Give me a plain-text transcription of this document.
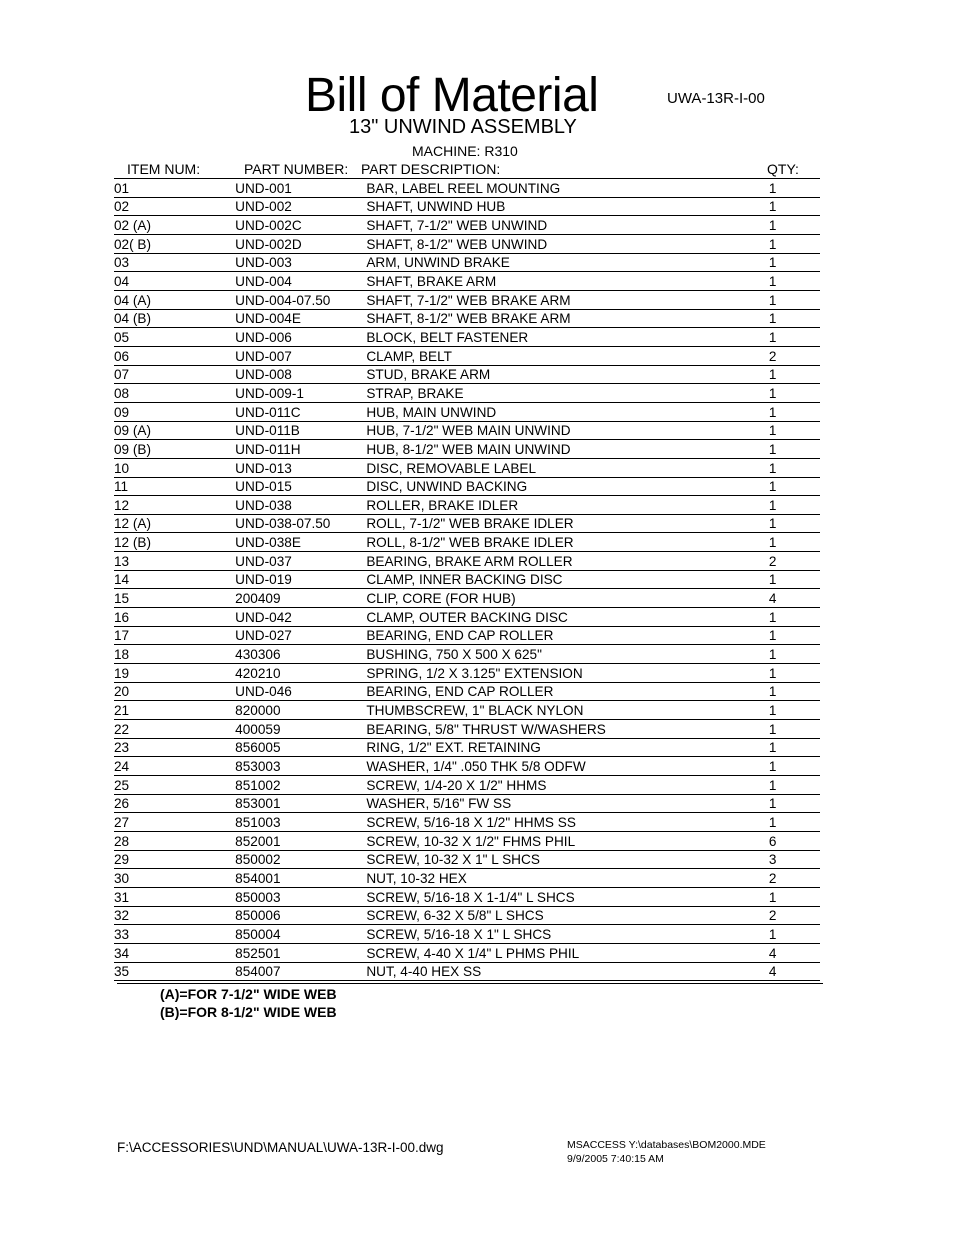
Bill of Material	UWA-13R-I-00
13" UNWIND ASSEMBLY
MACHINE: R310
ITEM NUM:	PART NUMBER: PART DESCRIPTION:	QTY:
01	UND-001	BAR, LABEL REEL MOUNTING	1
02	UND-002	SHAFT, UNWIND HUB	1
02 (A)	UND-002C	SHAFT, 7-1/2" WEB UNWIND	1
02( B)	UND-002D	SHAFT, 8-1/2" WEB UNWIND	1
03	UND-003	ARM, UNWIND BRAKE	1
04	UND-004	SHAFT, BRAKE ARM	1
04 (A)	UND-004-07.50	SHAFT, 7-1/2" WEB BRAKE ARM	1
04 (B)	UND-004E	SHAFT, 8-1/2" WEB BRAKE ARM	1
05	UND-006	BLOCK, BELT FASTENER	1
06	UND-007	CLAMP, BELT	2
07	UND-008	STUD, BRAKE ARM	1
08	UND-009-1	STRAP, BRAKE	1
09	UND-011C	HUB, MAIN UNWIND	1
09 (A)	UND-011B	HUB, 7-1/2" WEB MAIN UNWIND	1
09 (B)	UND-011H	HUB, 8-1/2" WEB MAIN UNWIND	1
10	UND-013	DISC, REMOVABLE LABEL	1
11	UND-015	DISC, UNWIND BACKING	1
12	UND-038	ROLLER, BRAKE IDLER	1
12 (A)	UND-038-07.50	ROLL, 7-1/2" WEB BRAKE IDLER	1
12 (B)	UND-038E	ROLL, 8-1/2" WEB BRAKE IDLER	1
13	UND-037	BEARING, BRAKE ARM ROLLER	2
14	UND-019	CLAMP, INNER BACKING DISC	1
15	200409	CLIP, CORE (FOR HUB)	4
16	UND-042	CLAMP, OUTER BACKING DISC	1
17	UND-027	BEARING, END CAP ROLLER	1
18	430306	BUSHING, 750 X 500 X 625"	1
19	420210	SPRING, 1/2 X 3.125" EXTENSION	1
20	UND-046	BEARING, END CAP ROLLER	1
21	820000	THUMBSCREW, 1" BLACK NYLON	1
22	400059	BEARING, 5/8" THRUST W/WASHERS	1
23	856005	RING, 1/2" EXT. RETAINING	1
24	853003	WASHER, 1/4" .050 THK 5/8 ODFW	1
25	851002	SCREW, 1/4-20 X 1/2" HHMS	1
26	853001	WASHER, 5/16" FW SS	1
27	851003	SCREW, 5/16-18 X 1/2" HHMS SS	1
28	852001	SCREW, 10-32 X 1/2" FHMS PHIL	6
29	850002	SCREW, 10-32 X 1" L SHCS	3
30	854001	NUT, 10-32 HEX	2
31	850003	SCREW, 5/16-18 X 1-1/4" L SHCS	1
32	850006	SCREW, 6-32 X 5/8" L SHCS	2
33	850004	SCREW, 5/16-18 X 1" L SHCS	1
34	852501	SCREW, 4-40 X 1/4" L PHMS PHIL	4
35	854007	NUT, 4-40 HEX SS	4
(A)=FOR 7-1/2" WIDE WEB
(B)=FOR 8-1/2" WIDE WEB
F:\ACCESSORIES\UND\MANUAL\UWA-13R-I-00.dwg	MSACCESS Y:\databases\BOM2000.MDE
9/9/2005 7:40:15 AM
